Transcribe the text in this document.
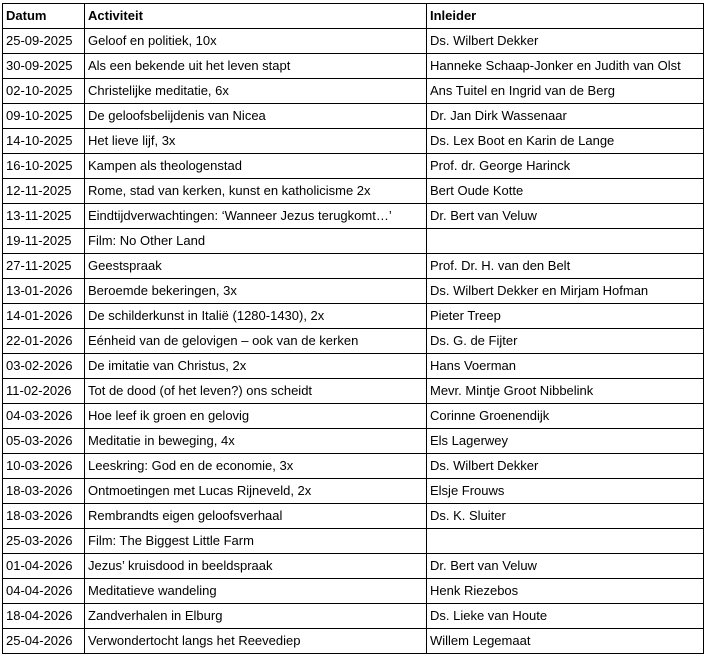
Datum	Activiteit	Inleider
25-09-2025	Geloof en politiek, 10x	Ds. Wilbert Dekker
30-09-2025	Als een bekende uit het leven stapt	Hanneke Schaap-Jonker en Judith van Olst
02-10-2025	Christelijke meditatie, 6x	Ans Tuitel en Ingrid van de Berg
09-10-2025	De geloofsbelijdenis van Nicea	Dr. Jan Dirk Wassenaar
14-10-2025	Het lieve lijf, 3x	Ds. Lex Boot en Karin de Lange
16-10-2025	Kampen als theologenstad	Prof. dr. George Harinck
12-11-2025	Rome, stad van kerken, kunst en katholicisme 2x	Bert Oude Kotte
13-11-2025	Eindtijdverwachtingen: ‘Wanneer Jezus terugkomt…’	Dr. Bert van Veluw
19-11-2025	Film: No Other Land	
27-11-2025	Geestspraak	Prof. Dr. H. van den Belt
13-01-2026	Beroemde bekeringen, 3x	Ds. Wilbert Dekker en Mirjam Hofman
14-01-2026	De schilderkunst in Italië (1280-1430), 2x	Pieter Treep
22-01-2026	Eénheid van de gelovigen – ook van de kerken	Ds. G. de Fijter
03-02-2026	De imitatie van Christus, 2x	Hans Voerman
11-02-2026	Tot de dood (of het leven?) ons scheidt	Mevr. Mintje Groot Nibbelink
04-03-2026	Hoe leef ik groen en gelovig	Corinne Groenendijk
05-03-2026	Meditatie in beweging, 4x	Els Lagerwey
10-03-2026	Leeskring: God en de economie, 3x	Ds. Wilbert Dekker
18-03-2026	Ontmoetingen met Lucas Rijneveld, 2x	Elsje Frouws
18-03-2026	Rembrandts eigen geloofsverhaal	Ds. K. Sluiter
25-03-2026	Film: The Biggest Little Farm	
01-04-2026	Jezus’ kruisdood in beeldspraak	Dr. Bert van Veluw
04-04-2026	Meditatieve wandeling	Henk Riezebos
18-04-2026	Zandverhalen in Elburg	Ds. Lieke van Houte
25-04-2026	Verwondertocht langs het Reevediep	Willem Legemaat
